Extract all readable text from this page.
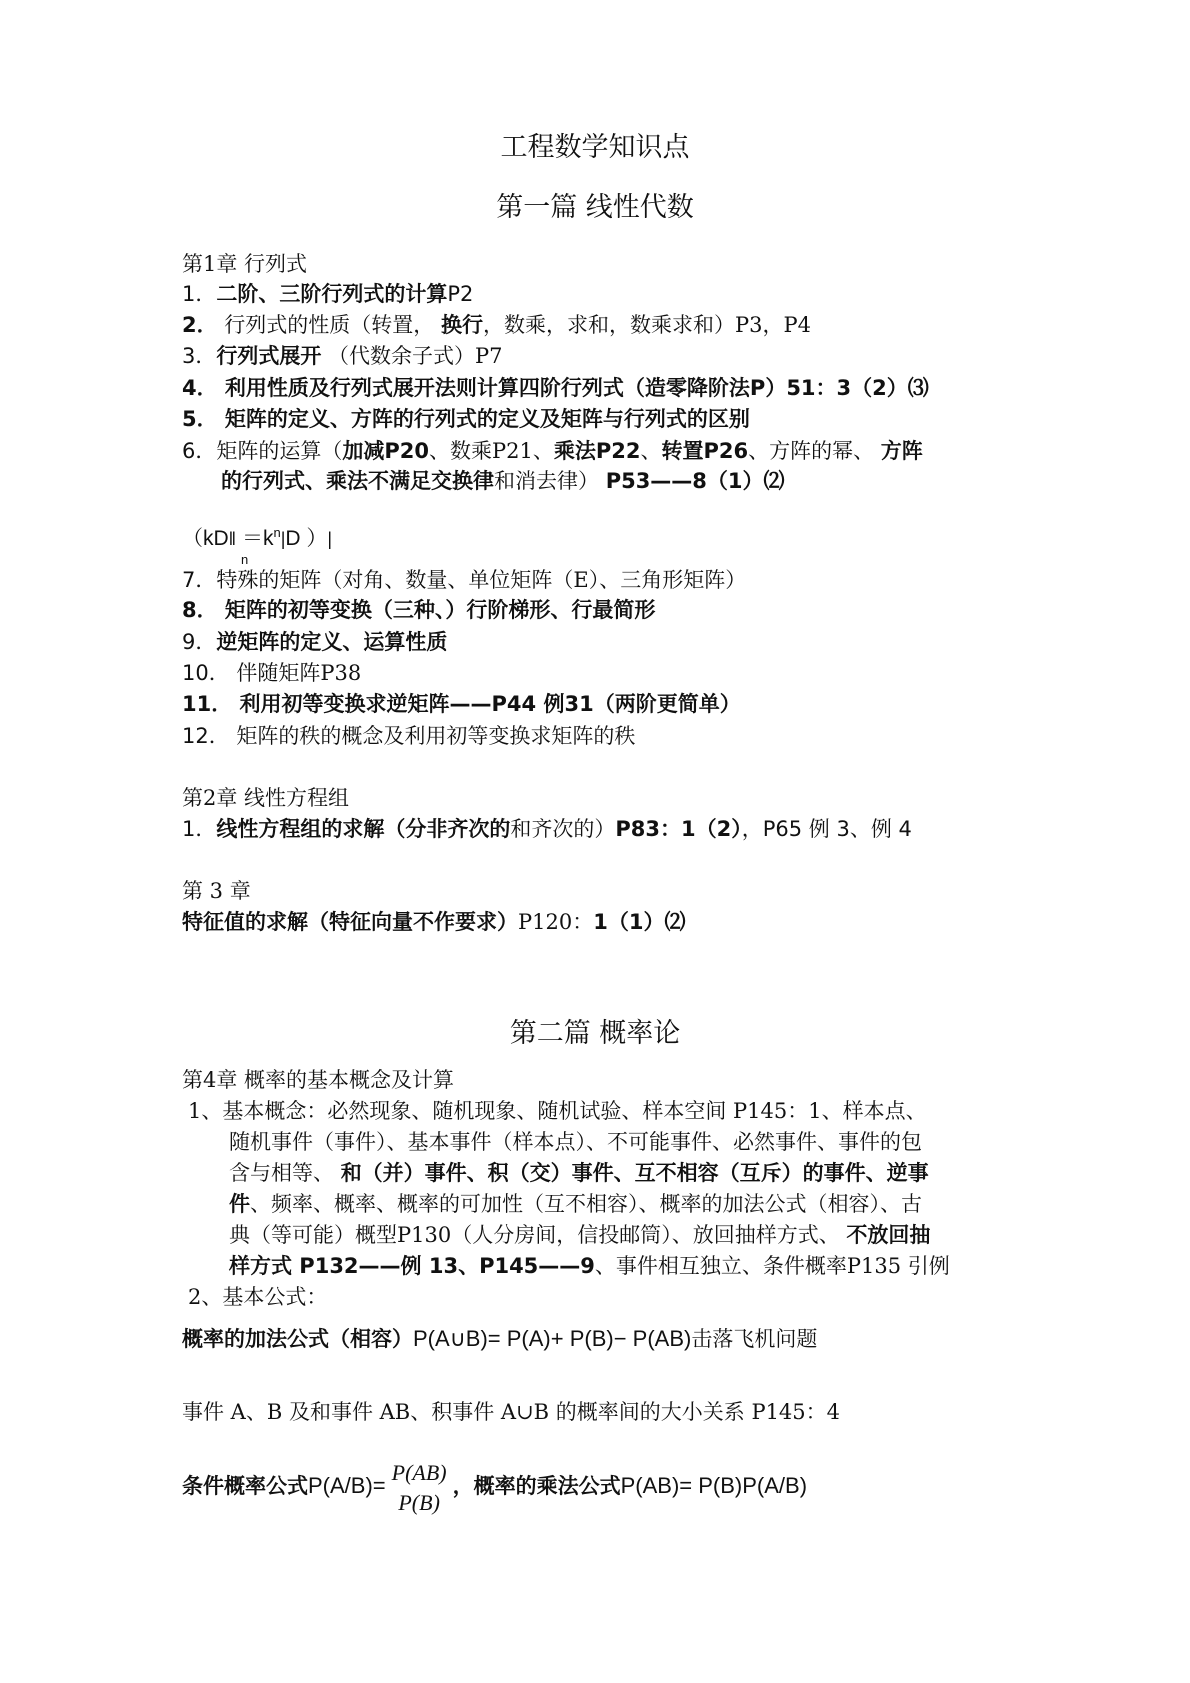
工程数学知识点
第一篇 线性代数
第1章 行列式
1．二阶、三阶行列式的计算P2
2． 行列式的性质（转置， 换行，数乘，求和，数乘求和）P3，P4
3．行列式展开 （代数余子式）P7
4． 利用性质及行列式展开法则计算四阶行列式（造零降阶法P）51：3（2）⑶
5． 矩阵的定义、方阵的行列式的定义及矩阵与行列式的区别
6．矩阵的运算（加减P20、数乘P21、乘法P22、转置P26、方阵的幂、 方阵
的行列式、乘法不满足交换律和消去律） P53——8（1）⑵
（kD‖ $=k^n|D$ ）|
n
7．特殊的矩阵（对角、数量、单位矩阵（E）、三角形矩阵）
8． 矩阵的初等变换（三种、）行阶梯形、行最简形
9．逆矩阵的定义、运算性质
10． 伴随矩阵P38
11． 利用初等变换求逆矩阵——P44 例31（两阶更简单）
12． 矩阵的秩的概念及利用初等变换求矩阵的秩
第2章 线性方程组
1．线性方程组的求解（分非齐次的和齐次的）P83：1（2），P65 例 3、例 4
第 3 章
特征值的求解（特征向量不作要求）P120：1（1）⑵
第二篇 概率论
第4章 概率的基本概念及计算
1、基本概念：必然现象、随机现象、随机试验、样本空间 P145：1、样本点、
随机事件（事件）、基本事件（样本点）、不可能事件、必然事件、事件的包
含与相等、 和（并）事件、积（交）事件、互不相容（互斥）的事件、逆事
件、频率、概率、概率的可加性（互不相容）、概率的加法公式（相容）、古
典（等可能）概型P130（人分房间，信投邮筒）、放回抽样方式、 不放回抽
样方式 P132——例 13、P145——9、事件相互独立、条件概率P135 引例
2、基本公式：
概率的加法公式（相容）P(A∪B)= P(A)+ P(B)− P(AB)击落飞机问题
事件 A、B 及和事件 AB、积事件 A∪B 的概率间的大小关系 P145：4
条件概率公式P(A/B)=
P(AB)
P(B)
，概率的乘法公式P(AB)= P(B)P(A/B)
